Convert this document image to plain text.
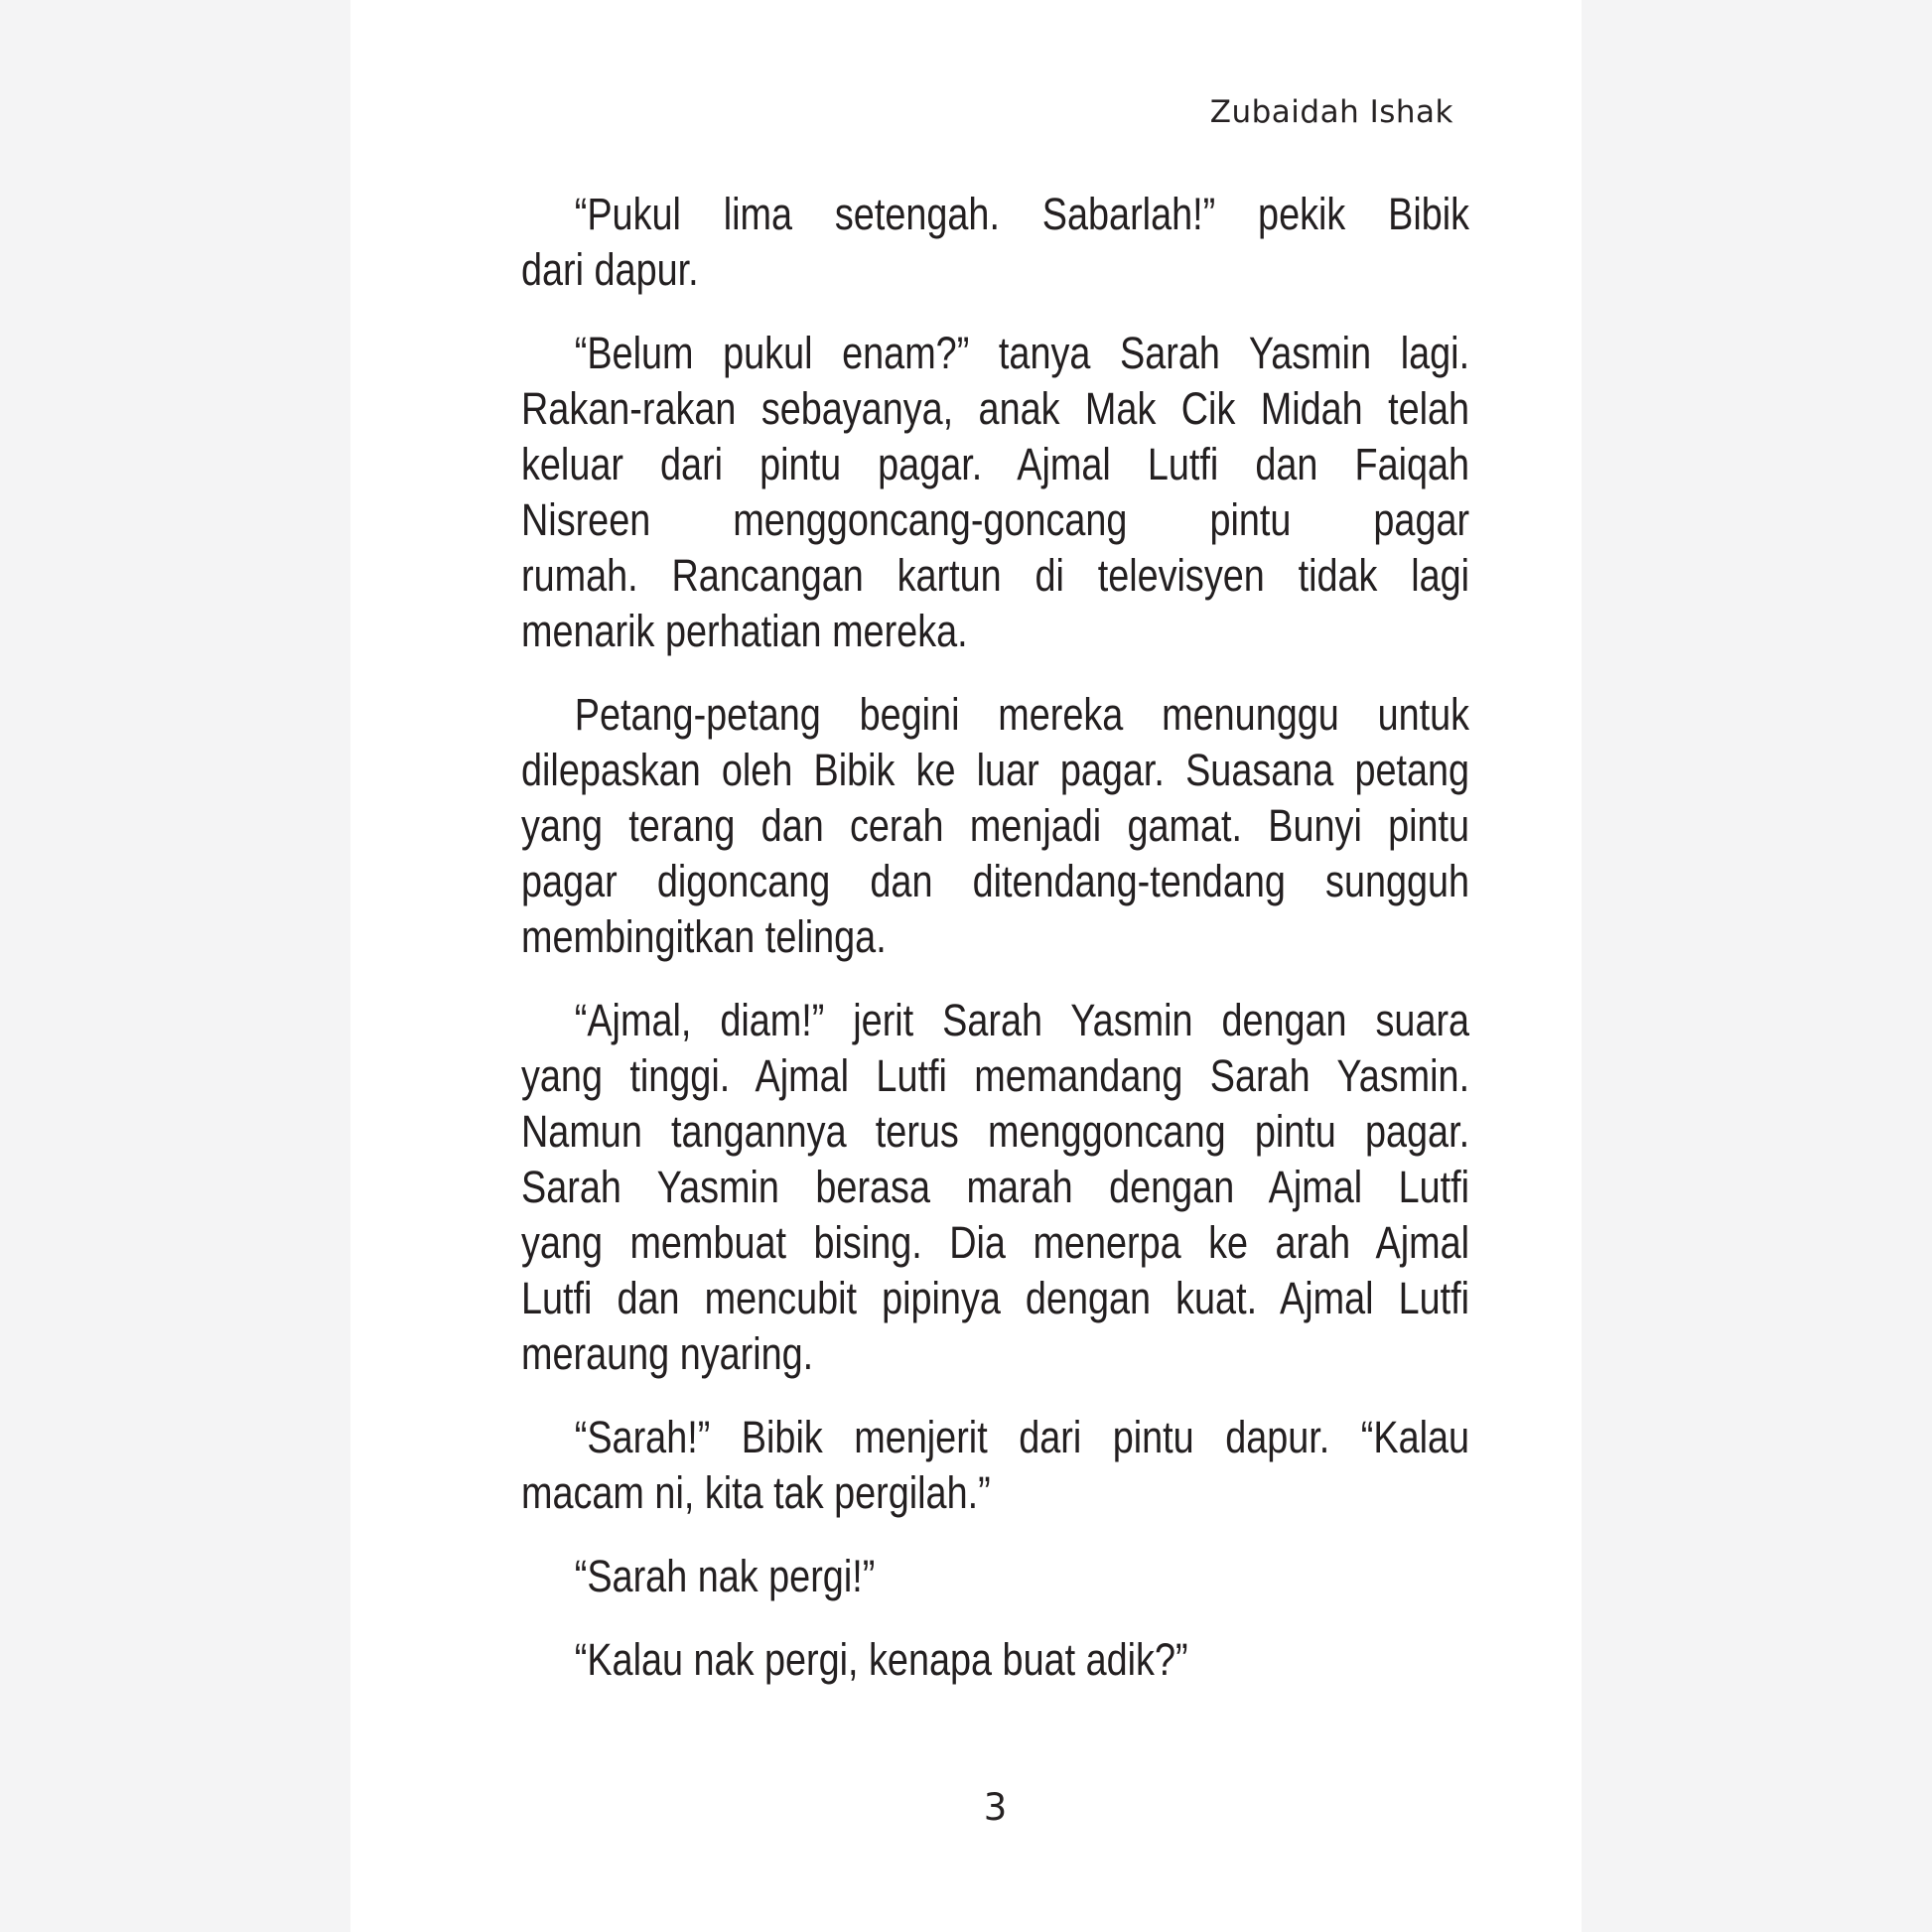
Zubaidah Ishak
“Pukul lima setengah. Sabarlah!” pekik Bibik
dari dapur.
“Belum pukul enam?” tanya Sarah Yasmin lagi.
Rakan-rakan sebayanya, anak Mak Cik Midah telah
keluar dari pintu pagar. Ajmal Lutfi dan Faiqah
Nisreen menggoncang-goncang pintu pagar
rumah. Rancangan kartun di televisyen tidak lagi
menarik perhatian mereka.
Petang-petang begini mereka menunggu untuk
dilepaskan oleh Bibik ke luar pagar. Suasana petang
yang terang dan cerah menjadi gamat. Bunyi pintu
pagar digoncang dan ditendang-tendang sungguh
membingitkan telinga.
“Ajmal, diam!” jerit Sarah Yasmin dengan suara
yang tinggi. Ajmal Lutfi memandang Sarah Yasmin.
Namun tangannya terus menggoncang pintu pagar.
Sarah Yasmin berasa marah dengan Ajmal Lutfi
yang membuat bising. Dia menerpa ke arah Ajmal
Lutfi dan mencubit pipinya dengan kuat. Ajmal Lutfi
meraung nyaring.
“Sarah!” Bibik menjerit dari pintu dapur. “Kalau
macam ni, kita tak pergilah.”
“Sarah nak pergi!”
“Kalau nak pergi, kenapa buat adik?”
3
